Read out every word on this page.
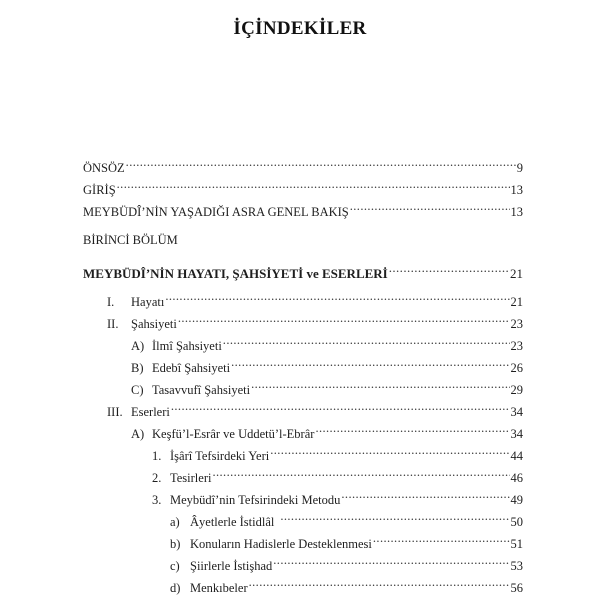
İÇİNDEKİLER
ÖNSÖZ .....	9
GİRİŞ .....	13
MEYBÜDÎ’NİN YAŞADIĞI ASRA GENEL BAKIŞ .....	13
BİRİNCİ BÖLÜM
MEYBÜDÎ’NİN HAYATI, ŞAHSİYETİ ve ESERLERİ .....	21
I.	Hayatı .....	21
II.	Şahsiyeti .....	23
A) İlmî Şahsiyeti .....	23
B) Edebî Şahsiyeti .....	26
C) Tasavvufî Şahsiyeti .....	29
III. Eserleri .....	34
A) Keşfü’l-Esrâr ve Uddetü’l-Ebrâr .....	34
1. İşârî Tefsirdeki Yeri .....	44
2. Tesirleri .....	46
3. Meybüdî’nin Tefsirindeki Metodu .....	49
a) Âyetlerle İstidlâl .....	50
b) Konuların Hadislerle Desteklenmesi .....	51
c) Şiirlerle İstişhad .....	53
d) Menkıbeler .....	56
